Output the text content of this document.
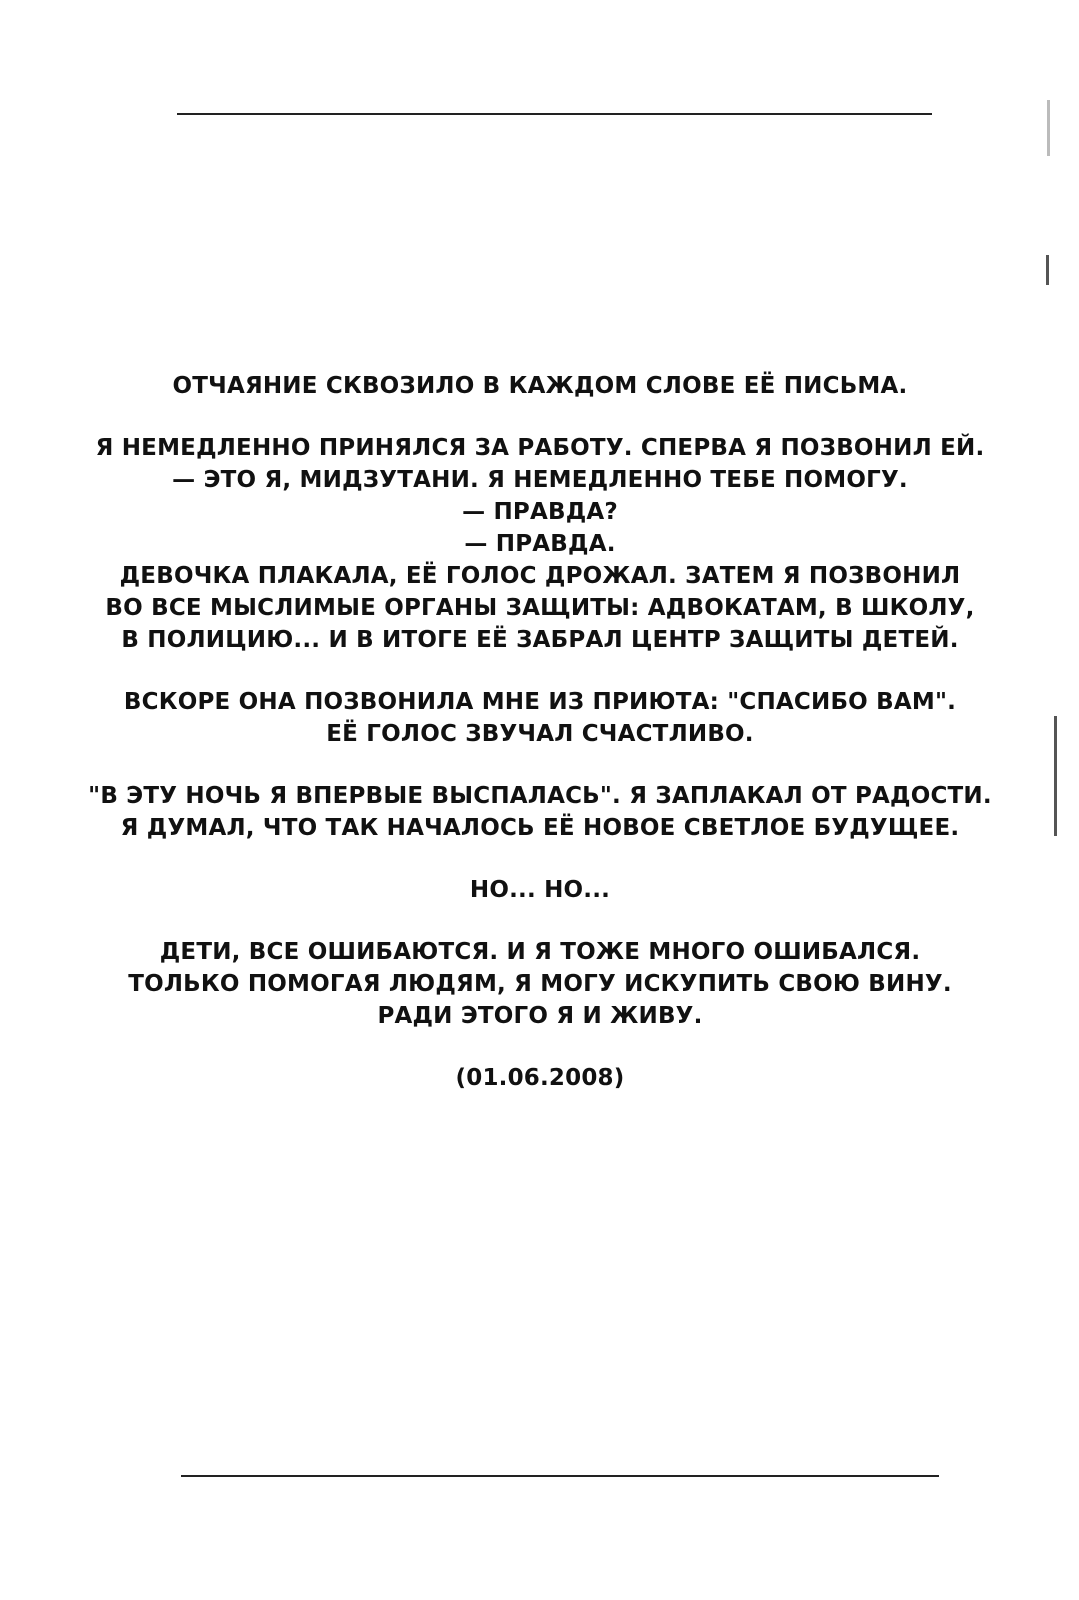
ОТЧАЯНИЕ СКВОЗИЛО В КАЖДОМ СЛОВЕ ЕЁ ПИСЬМА.

Я НЕМЕДЛЕННО ПРИНЯЛСЯ ЗА РАБОТУ. СПЕРВА Я ПОЗВОНИЛ ЕЙ.
— ЭТО Я, МИДЗУТАНИ. Я НЕМЕДЛЕННО ТЕБЕ ПОМОГУ.
— ПРАВДА?
— ПРАВДА.
ДЕВОЧКА ПЛАКАЛА, ЕЁ ГОЛОС ДРОЖАЛ. ЗАТЕМ Я ПОЗВОНИЛ
ВО ВСЕ МЫСЛИМЫЕ ОРГАНЫ ЗАЩИТЫ: АДВОКАТАМ, В ШКОЛУ,
В ПОЛИЦИЮ... И В ИТОГЕ ЕЁ ЗАБРАЛ ЦЕНТР ЗАЩИТЫ ДЕТЕЙ.

ВСКОРЕ ОНА ПОЗВОНИЛА МНЕ ИЗ ПРИЮТА: "СПАСИБО ВАМ".
ЕЁ ГОЛОС ЗВУЧАЛ СЧАСТЛИВО.

"В ЭТУ НОЧЬ Я ВПЕРВЫЕ ВЫСПАЛАСЬ". Я ЗАПЛАКАЛ ОТ РАДОСТИ.
Я ДУМАЛ, ЧТО ТАК НАЧАЛОСЬ ЕЁ НОВОЕ СВЕТЛОЕ БУДУЩЕЕ.

НО... НО...

ДЕТИ, ВСЕ ОШИБАЮТСЯ. И Я ТОЖЕ МНОГО ОШИБАЛСЯ.
ТОЛЬКО ПОМОГАЯ ЛЮДЯМ, Я МОГУ ИСКУПИТЬ СВОЮ ВИНУ.
РАДИ ЭТОГО Я И ЖИВУ.

(01.06.2008)
